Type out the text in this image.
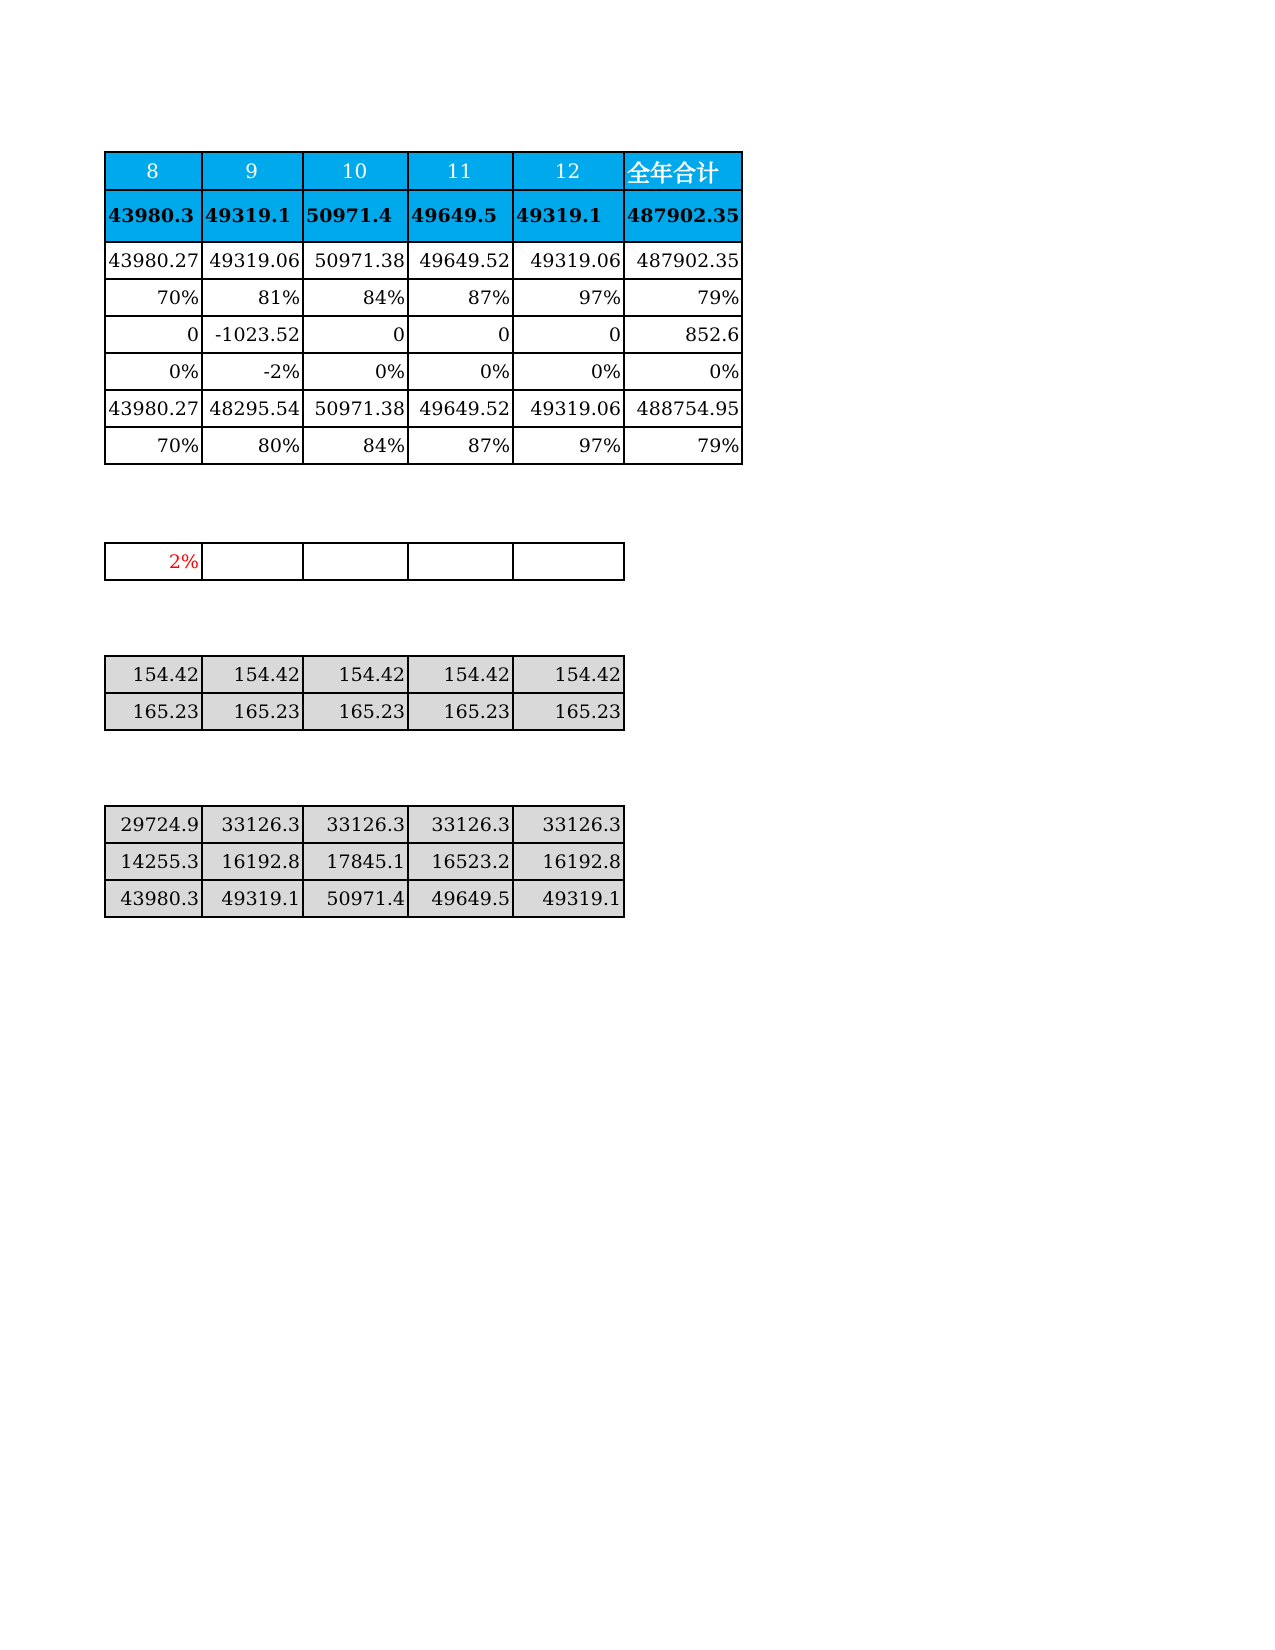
8	9	10	11	12	全年合计
43980.3	49319.1	50971.4	49649.5	49319.1	487902.35
43980.27	49319.06	50971.38	49649.52	49319.06	487902.35
70%	81%	84%	87%	97%	79%
0	-1023.52	0	0	0	852.6
0%	-2%	0%	0%	0%	0%
43980.27	48295.54	50971.38	49649.52	49319.06	488754.95
70%	80%	84%	87%	97%	79%
2%				
154.42	154.42	154.42	154.42	154.42
165.23	165.23	165.23	165.23	165.23
29724.9	33126.3	33126.3	33126.3	33126.3
14255.3	16192.8	17845.1	16523.2	16192.8
43980.3	49319.1	50971.4	49649.5	49319.1
